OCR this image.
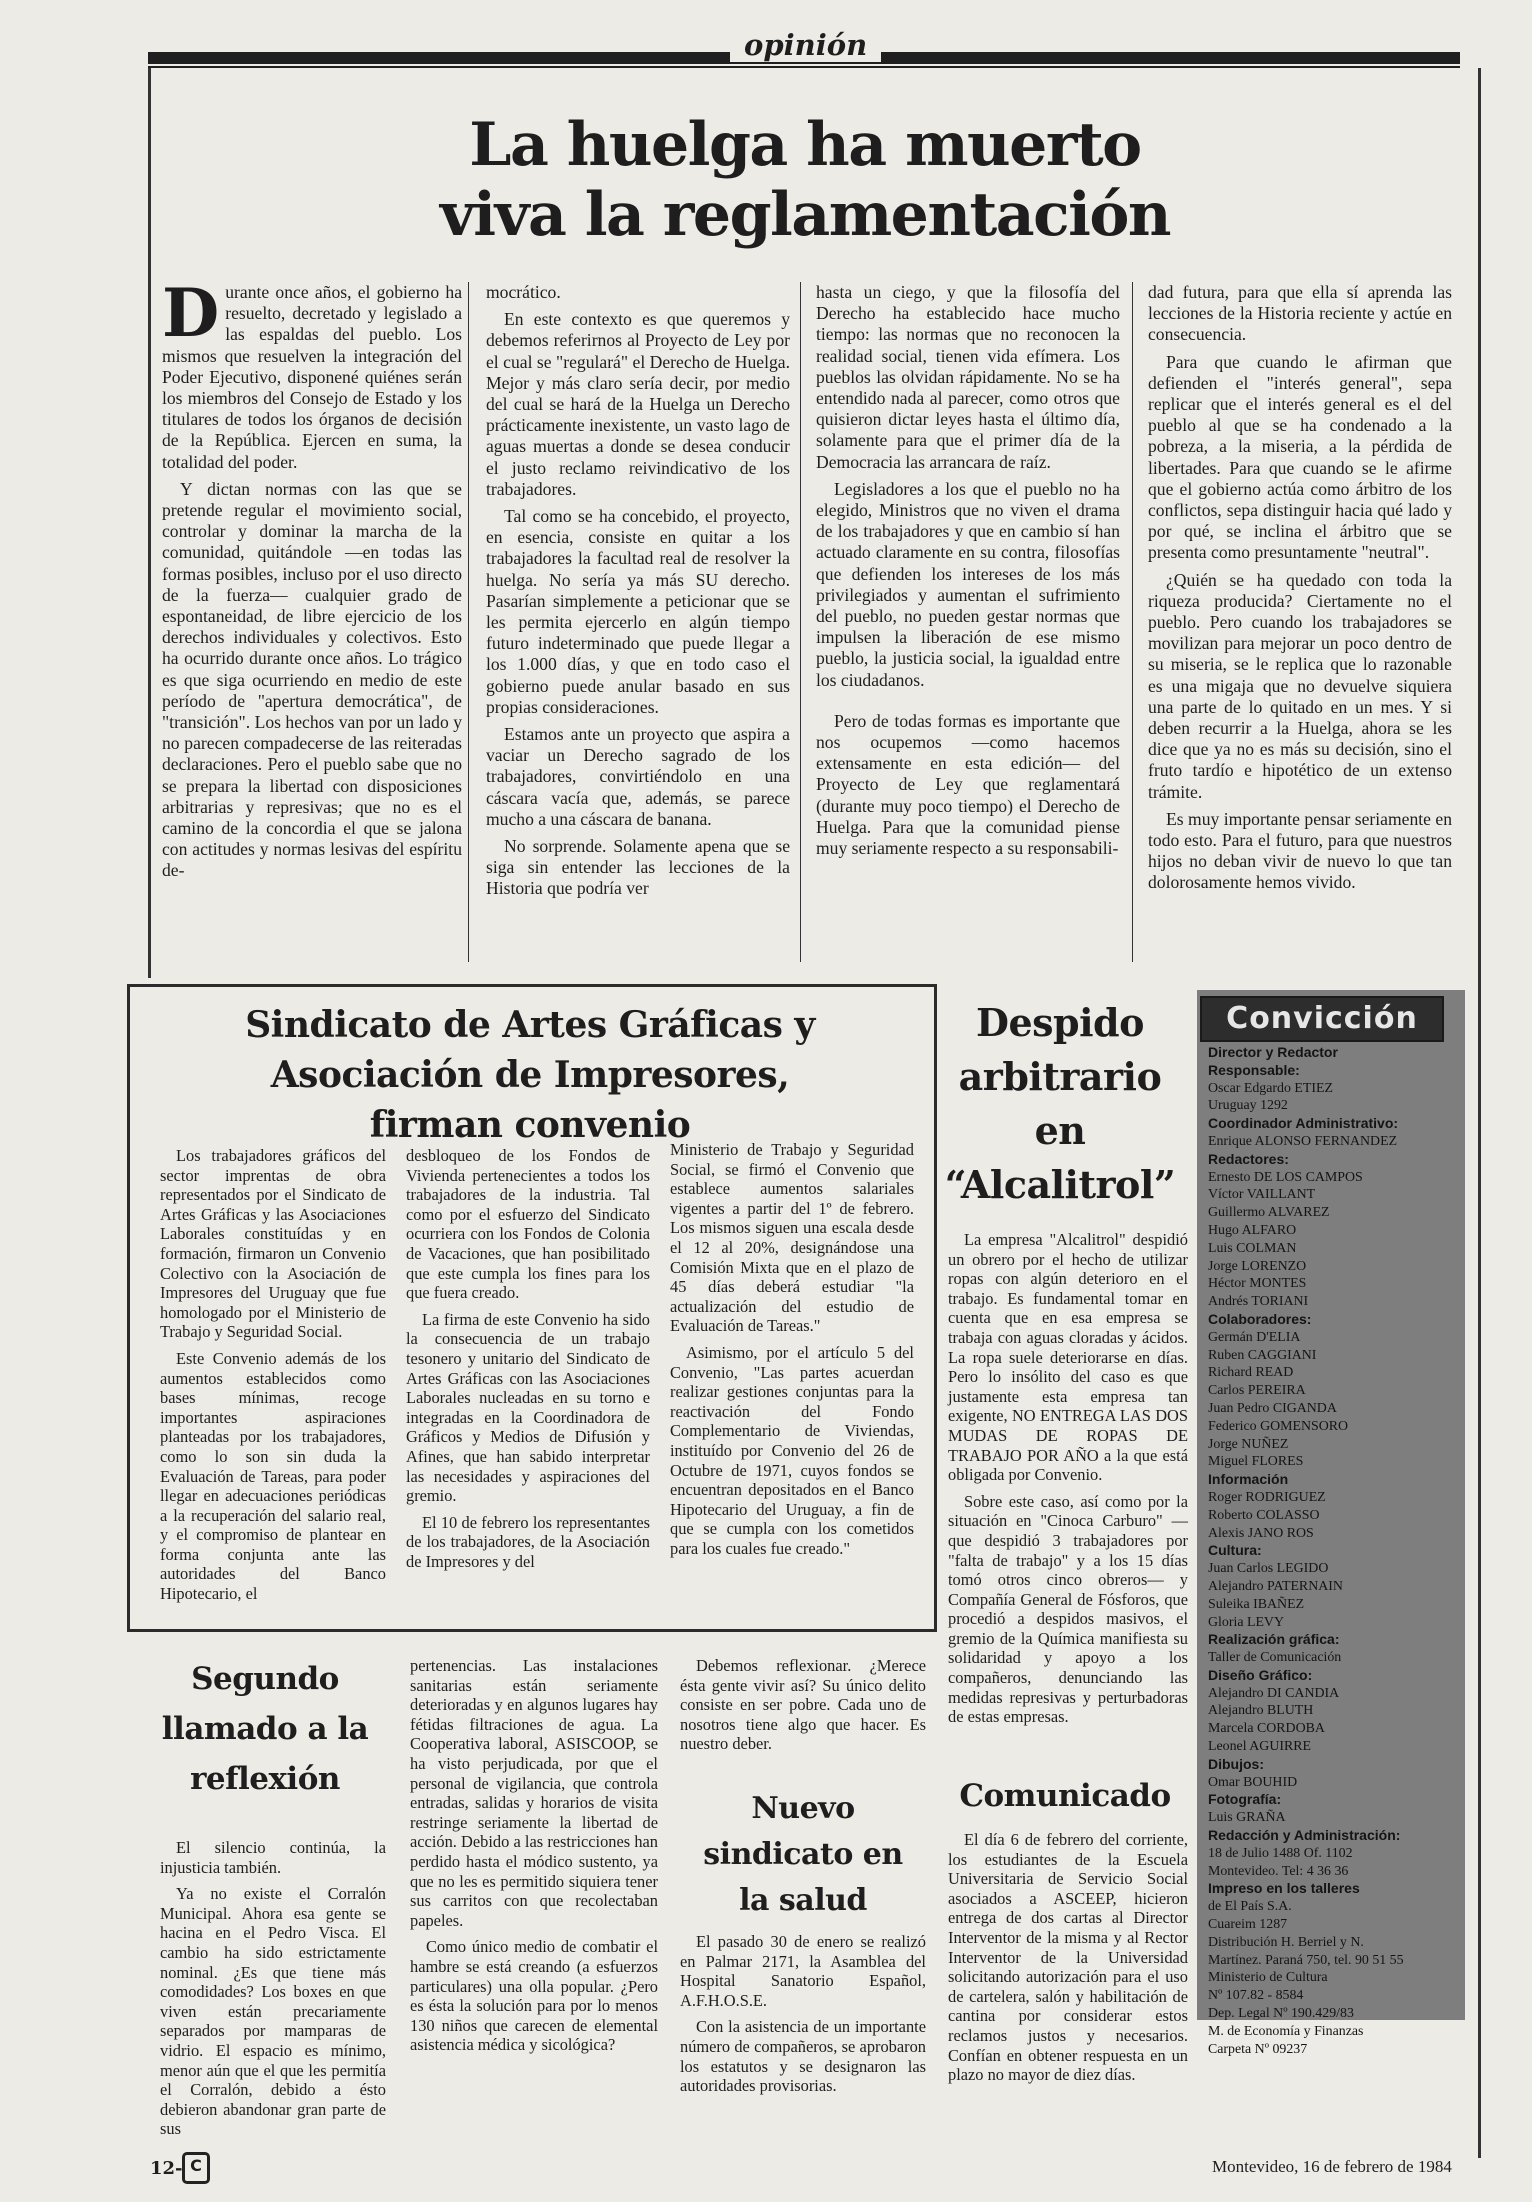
opinión
La huelga ha muerto
viva la reglamentación

Durante once años, el gobierno ha resuelto, decretado y legislado a las espaldas del pueblo. Los mismos que resuelven la integración del Poder Ejecutivo, disponené quiénes serán los miembros del Consejo de Estado y los titulares de todos los órganos de decisión de la República. Ejercen en suma, la totalidad del poder.

Y dictan normas con las que se pretende regular el movimiento social, controlar y dominar la marcha de la comunidad, quitándole —en todas las formas posibles, incluso por el uso directo de la fuerza— cualquier grado de espontaneidad, de libre ejercicio de los derechos individuales y colectivos. Esto ha ocurrido durante once años. Lo trágico es que siga ocurriendo en medio de este período de "apertura democrática", de "transición". Los hechos van por un lado y no parecen compadecerse de las reiteradas declaraciones. Pero el pueblo sabe que no se prepara la libertad con disposiciones arbitrarias y represivas; que no es el camino de la concordia el que se jalona con actitudes y normas lesivas del espíritu de-

mocrático.

En este contexto es que queremos y debemos referirnos al Proyecto de Ley por el cual se "regulará" el Derecho de Huelga. Mejor y más claro sería decir, por medio del cual se hará de la Huelga un Derecho prácticamente inexistente, un vasto lago de aguas muertas a donde se desea conducir el justo reclamo reivindicativo de los trabajadores.

Tal como se ha concebido, el proyecto, en esencia, consiste en quitar a los trabajadores la facultad real de resolver la huelga. No sería ya más SU derecho. Pasarían simplemente a peticionar que se les permita ejercerlo en algún tiempo futuro indeterminado que puede llegar a los 1.000 días, y que en todo caso el gobierno puede anular basado en sus propias consideraciones.

Estamos ante un proyecto que aspira a vaciar un Derecho sagrado de los trabajadores, convirtiéndolo en una cáscara vacía que, además, se parece mucho a una cáscara de banana.

No sorprende. Solamente apena que se siga sin entender las lecciones de la Historia que podría ver

hasta un ciego, y que la filosofía del Derecho ha establecido hace mucho tiempo: las normas que no reconocen la realidad social, tienen vida efímera. Los pueblos las olvidan rápidamente. No se ha entendido nada al parecer, como otros que quisieron dictar leyes hasta el último día, solamente para que el primer día de la Democracia las arrancara de raíz.

Legisladores a los que el pueblo no ha elegido, Ministros que no viven el drama de los trabajadores y que en cambio sí han actuado claramente en su contra, filosofías que defienden los intereses de los más privilegiados y aumentan el sufrimiento del pueblo, no pueden gestar normas que impulsen la liberación de ese mismo pueblo, la justicia social, la igualdad entre los ciudadanos.

Pero de todas formas es importante que nos ocupemos —como hacemos extensamente en esta edición— del Proyecto de Ley que reglamentará (durante muy poco tiempo) el Derecho de Huelga. Para que la comunidad piense muy seriamente respecto a su responsabili-

dad futura, para que ella sí aprenda las lecciones de la Historia reciente y actúe en consecuencia.

Para que cuando le afirman que defienden el "interés general", sepa replicar que el interés general es el del pueblo al que se ha condenado a la pobreza, a la miseria, a la pérdida de libertades. Para que cuando se le afirme que el gobierno actúa como árbitro de los conflictos, sepa distinguir hacia qué lado y por qué, se inclina el árbitro que se presenta como presuntamente "neutral".

¿Quién se ha quedado con toda la riqueza producida? Ciertamente no el pueblo. Pero cuando los trabajadores se movilizan para mejorar un poco dentro de su miseria, se le replica que lo razonable es una migaja que no devuelve siquiera una parte de lo quitado en un mes. Y si deben recurrir a la Huelga, ahora se les dice que ya no es más su decisión, sino el fruto tardío e hipotético de un extenso trámite.

Es muy importante pensar seriamente en todo esto. Para el futuro, para que nuestros hijos no deban vivir de nuevo lo que tan dolorosamente hemos vivido.

Sindicato de Artes Gráficas y
Asociación de Impresores,
firman convenio

Los trabajadores gráficos del sector imprentas de obra representados por el Sindicato de Artes Gráficas y las Asociaciones Laborales constituídas y en formación, firmaron un Convenio Colectivo con la Asociación de Impresores del Uruguay que fue homologado por el Ministerio de Trabajo y Seguridad Social.

Este Convenio además de los aumentos establecidos como bases mínimas, recoge importantes aspiraciones planteadas por los trabajadores, como lo son sin duda la Evaluación de Tareas, para poder llegar en adecuaciones periódicas a la recuperación del salario real, y el compromiso de plantear en forma conjunta ante las autoridades del Banco Hipotecario, el

desbloqueo de los Fondos de Vivienda pertenecientes a todos los trabajadores de la industria. Tal como por el esfuerzo del Sindicato ocurriera con los Fondos de Colonia de Vacaciones, que han posibilitado que este cumpla los fines para los que fuera creado.

La firma de este Convenio ha sido la consecuencia de un trabajo tesonero y unitario del Sindicato de Artes Gráficas con las Asociaciones Laborales nucleadas en su torno e integradas en la Coordinadora de Gráficos y Medios de Difusión y Afines, que han sabido interpretar las necesidades y aspiraciones del gremio.

El 10 de febrero los representantes de los trabajadores, de la Asociación de Impresores y del

Ministerio de Trabajo y Seguridad Social, se firmó el Convenio que establece aumentos salariales vigentes a partir del 1º de febrero. Los mismos siguen una escala desde el 12 al 20%, designándose una Comisión Mixta que en el plazo de 45 días deberá estudiar "la actualización del estudio de Evaluación de Tareas."

Asimismo, por el artículo 5 del Convenio, "Las partes acuerdan realizar gestiones conjuntas para la reactivación del Fondo Complementario de Viviendas, instituído por Convenio del 26 de Octubre de 1971, cuyos fondos se encuentran depositados en el Banco Hipotecario del Uruguay, a fin de que se cumpla con los cometidos para los cuales fue creado."

Despido
arbitrario
en
“Alcalitrol”

La empresa "Alcalitrol" despidió un obrero por el hecho de utilizar ropas con algún deterioro en el trabajo. Es fundamental tomar en cuenta que en esa empresa se trabaja con aguas cloradas y ácidos. La ropa suele deteriorarse en días. Pero lo insólito del caso es que justamente esta empresa tan exigente, NO ENTREGA LAS DOS MUDAS DE ROPAS DE TRABAJO POR AÑO a la que está obligada por Convenio.

Sobre este caso, así como por la situación en "Cinoca Carburo" —que despidió 3 trabajadores por "falta de trabajo" y a los 15 días tomó otros cinco obreros— y Compañía General de Fósforos, que procedió a despidos masivos, el gremio de la Química manifiesta su solidaridad y apoyo a los compañeros, denunciando las medidas represivas y perturbadoras de estas empresas.

Comunicado

El día 6 de febrero del corriente, los estudiantes de la Escuela Universitaria de Servicio Social asociados a ASCEEP, hicieron entrega de dos cartas al Director Interventor de la misma y al Rector Interventor de la Universidad solicitando autorización para el uso de cartelera, salón y habilitación de cantina por considerar estos reclamos justos y necesarios. Confían en obtener respuesta en un plazo no mayor de diez días.

Segundo
llamado a la
reflexión

El silencio continúa, la injusticia también.

Ya no existe el Corralón Municipal. Ahora esa gente se hacina en el Pedro Visca. El cambio ha sido estrictamente nominal. ¿Es que tiene más comodidades? Los boxes en que viven están precariamente separados por mamparas de vidrio. El espacio es mínimo, menor aún que el que les permitía el Corralón, debido a ésto debieron abandonar gran parte de sus

pertenencias. Las instalaciones sanitarias están seriamente deterioradas y en algunos lugares hay fétidas filtraciones de agua. La Cooperativa laboral, ASISCOOP, se ha visto perjudicada, por que el personal de vigilancia, que controla entradas, salidas y horarios de visita restringe seriamente la libertad de acción. Debido a las restricciones han perdido hasta el módico sustento, ya que no les es permitido siquiera tener sus carritos con que recolectaban papeles.

Como único medio de combatir el hambre se está creando (a esfuerzos particulares) una olla popular. ¿Pero es ésta la solución para por lo menos 130 niños que carecen de elemental asistencia médica y sicológica?

Debemos reflexionar. ¿Merece ésta gente vivir así? Su único delito consiste en ser pobre. Cada uno de nosotros tiene algo que hacer. Es nuestro deber.

Nuevo
sindicato en
la salud

El pasado 30 de enero se realizó en Palmar 2171, la Asamblea del Hospital Sanatorio Español, A.F.H.O.S.E.

Con la asistencia de un importante número de compañeros, se aprobaron los estatutos y se designaron las autoridades provisorias.

Convicción
Director y Redactor
Responsable:
Oscar Edgardo ETIEZ
Uruguay 1292
Coordinador Administrativo:
Enrique ALONSO FERNANDEZ
Redactores:
Ernesto DE LOS CAMPOS
Víctor VAILLANT
Guillermo ALVAREZ
Hugo ALFARO
Luis COLMAN
Jorge LORENZO
Héctor MONTES
Andrés TORIANI
Colaboradores:
Germán D'ELIA
Ruben CAGGIANI
Richard READ
Carlos PEREIRA
Juan Pedro CIGANDA
Federico GOMENSORO
Jorge NUÑEZ
Miguel FLORES
Información
Roger RODRIGUEZ
Roberto COLASSO
Alexis JANO ROS
Cultura:
Juan Carlos LEGIDO
Alejandro PATERNAIN
Suleika IBAÑEZ
Gloria LEVY
Realización gráfica:
Taller de Comunicación
Diseño Gráfico:
Alejandro DI CANDIA
Alejandro BLUTH
Marcela CORDOBA
Leonel AGUIRRE
Dibujos:
Omar BOUHID
Fotografía:
Luis GRAÑA
Redacción y Administración:
18 de Julio 1488 Of. 1102
Montevideo. Tel: 4 36 36
Impreso en los talleres
de El País S.A.
Cuareim 1287
Distribución H. Berriel y N.
Martínez. Paraná 750, tel. 90 51 55
Ministerio de Cultura
Nº 107.82 - 8584
Dep. Legal Nº 190.429/83
M. de Economía y Finanzas
Carpeta Nº 09237
12- C	Montevideo, 16 de febrero de 1984
